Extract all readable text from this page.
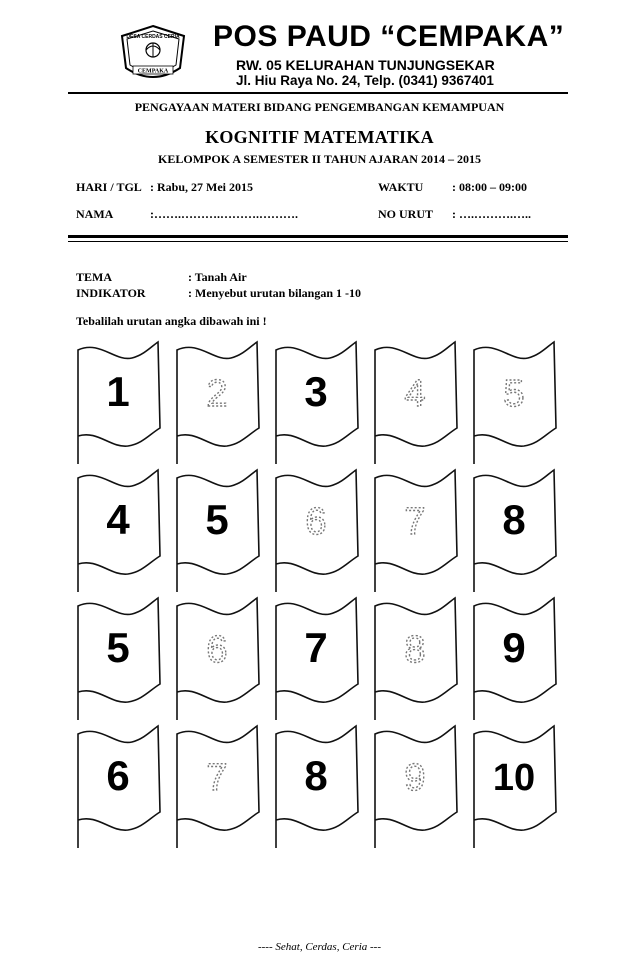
DESA CERDAS CERIA
CEMPAKA
POS PAUD “CEMPAKA”
RW. 05 KELURAHAN TUNJUNGSEKAR
Jl. Hiu Raya No. 24, Telp. (0341) 9367401
PENGAYAAN MATERI BIDANG PENGEMBANGAN KEMAMPUAN
KOGNITIF MATEMATIKA
KELOMPOK A SEMESTER II TAHUN AJARAN 2014 – 2015
HARI / TGL : Rabu, 27 Mei 2015	WAKTU : 08:00 – 09:00
NAMA	:…….……….……….……….	NO URUT : ….……….…..
TEMA	: Tanah Air
INDIKATOR	: Menyebut urutan bilangan 1 -10
Tebalilah urutan angka dibawah ini !
1 2 3 4 5
4 5 6 7 8
5 6 7 8 9
6 7 8 9 10
---- Sehat, Cerdas, Ceria ---
